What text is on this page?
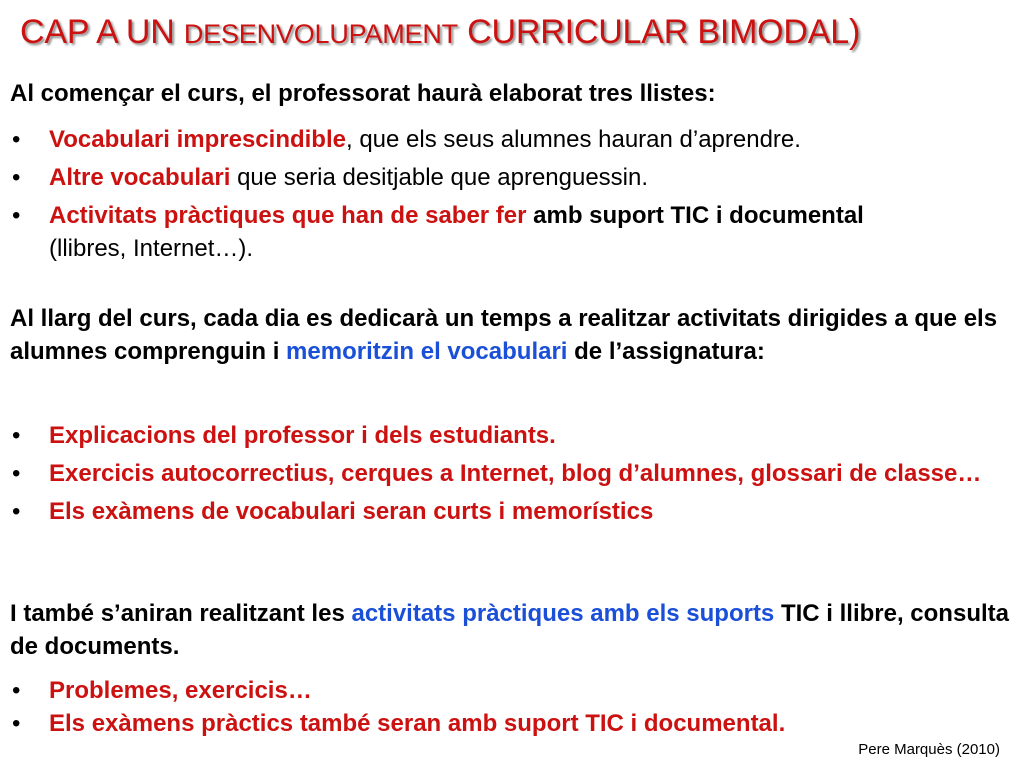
CAP A UN DESENVOLUPAMENT CURRICULAR BIMODAL)
Al començar el curs, el professorat haurà elaborat tres llistes:
• Vocabulari imprescindible, que els seus alumnes hauran d’aprendre.
• Altre vocabulari que seria desitjable que aprenguessin.
• Activitats pràctiques que han de saber fer amb suport TIC i documental
(llibres, Internet…).
Al llarg del curs, cada dia es dedicarà un temps a realitzar activitats dirigides a que els alumnes comprenguin i memoritzin el vocabulari de l’assignatura:
• Explicacions del professor i dels estudiants.
• Exercicis autocorrectius, cerques a Internet, blog d’alumnes, glossari de classe…
• Els exàmens de vocabulari seran curts i memorístics
I també s’aniran realitzant les activitats pràctiques amb els suports TIC i llibre, consulta de documents.
• Problemes, exercicis…
• Els exàmens pràctics també seran amb suport TIC i documental.
Pere Marquès (2010)
